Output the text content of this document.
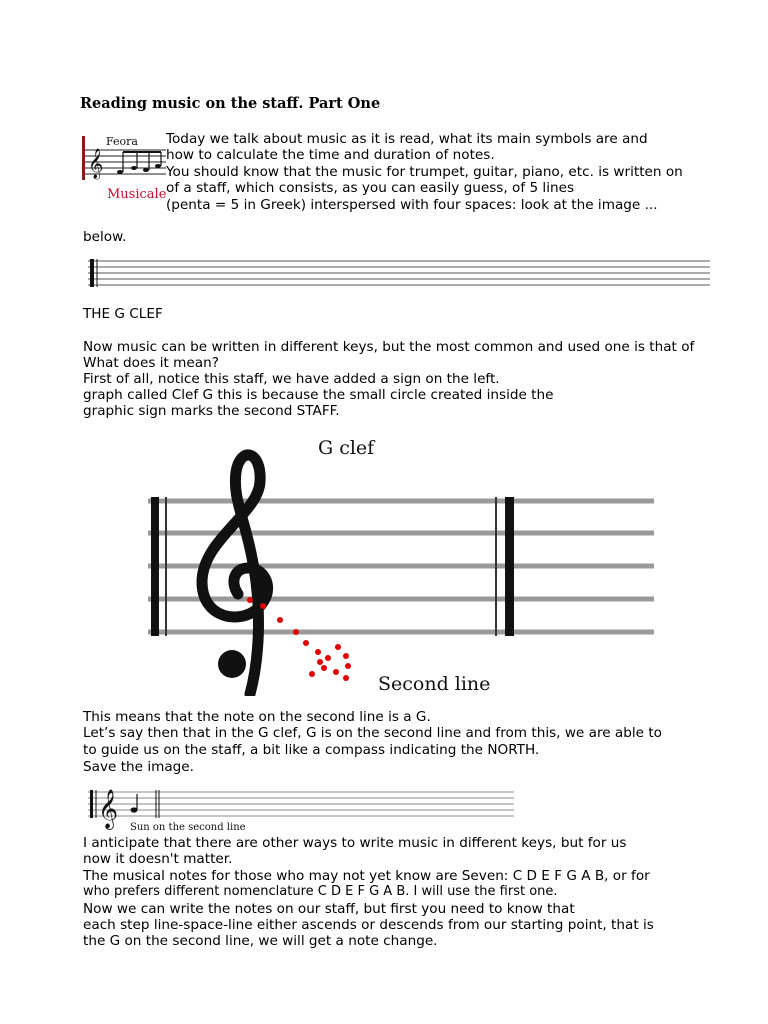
Reading music on the staff. Part One
𝄞
Feora
Musicale
Today we talk about music as it is read, what its main symbols are and
how to calculate the time and duration of notes.
You should know that the music for trumpet, guitar, piano, etc. is written on
of a staff, which consists, as you can easily guess, of 5 lines
(penta = 5 in Greek) interspersed with four spaces: look at the image ...
below.
THE G CLEF
Now music can be written in different keys, but the most common and used one is that of
What does it mean?
First of all, notice this staff, we have added a sign on the left.
graph called Clef G this is because the small circle created inside the
graphic sign marks the second STAFF.
G clef
Second line
This means that the note on the second line is a G.
Let’s say then that in the G clef, G is on the second line and from this, we are able to
to guide us on the staff, a bit like a compass indicating the NORTH.
Save the image.
𝄞 Sun on the second line
I anticipate that there are other ways to write music in different keys, but for us
now it doesn't matter.
The musical notes for those who may not yet know are Seven: C D E F G A B, or for
who prefers different nomenclature C D E F G A B. I will use the first one.
Now we can write the notes on our staff, but first you need to know that
each step line-space-line either ascends or descends from our starting point, that is
the G on the second line, we will get a note change.
